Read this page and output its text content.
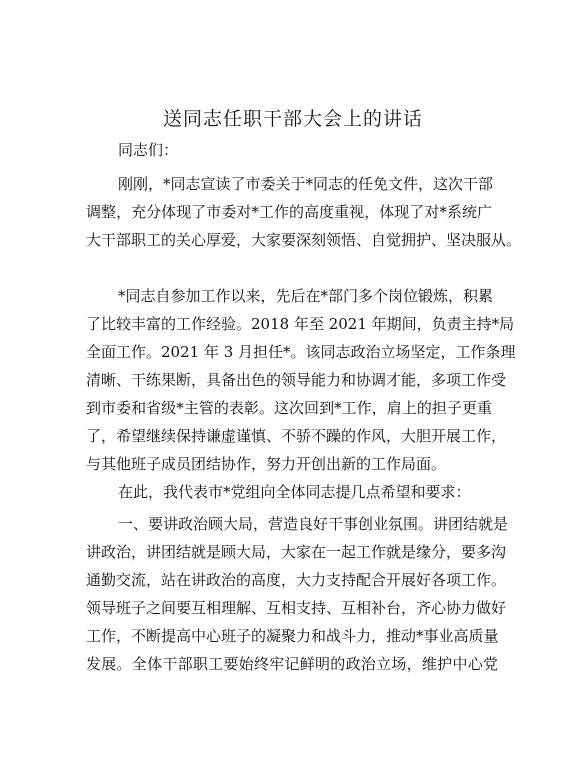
送同志任职干部大会上的讲话
同志们：
刚刚，*同志宣读了市委关于*同志的任免文件，这次干部
调整，充分体现了市委对*工作的高度重视，体现了对*系统广
大干部职工的关心厚爱，大家要深刻领悟、自觉拥护、坚决服从。
*同志自参加工作以来，先后在*部门多个岗位锻炼，积累
了比较丰富的工作经验。2018 年至 2021 年期间，负责主持*局
全面工作。2021 年 3 月担任*。该同志政治立场坚定，工作条理
清晰、干练果断，具备出色的领导能力和协调才能，多项工作受
到市委和省级*主管的表彰。这次回到*工作，肩上的担子更重
了，希望继续保持谦虚谨慎、不骄不躁的作风，大胆开展工作，
与其他班子成员团结协作，努力开创出新的工作局面。
在此，我代表市*党组向全体同志提几点希望和要求：
一、要讲政治顾大局，营造良好干事创业氛围。讲团结就是
讲政治，讲团结就是顾大局，大家在一起工作就是缘分，要多沟
通勤交流，站在讲政治的高度，大力支持配合开展好各项工作。
领导班子之间要互相理解、互相支持、互相补台，齐心协力做好
工作，不断提高中心班子的凝聚力和战斗力，推动*事业高质量
发展。全体干部职工要始终牢记鲜明的政治立场，维护中心党
